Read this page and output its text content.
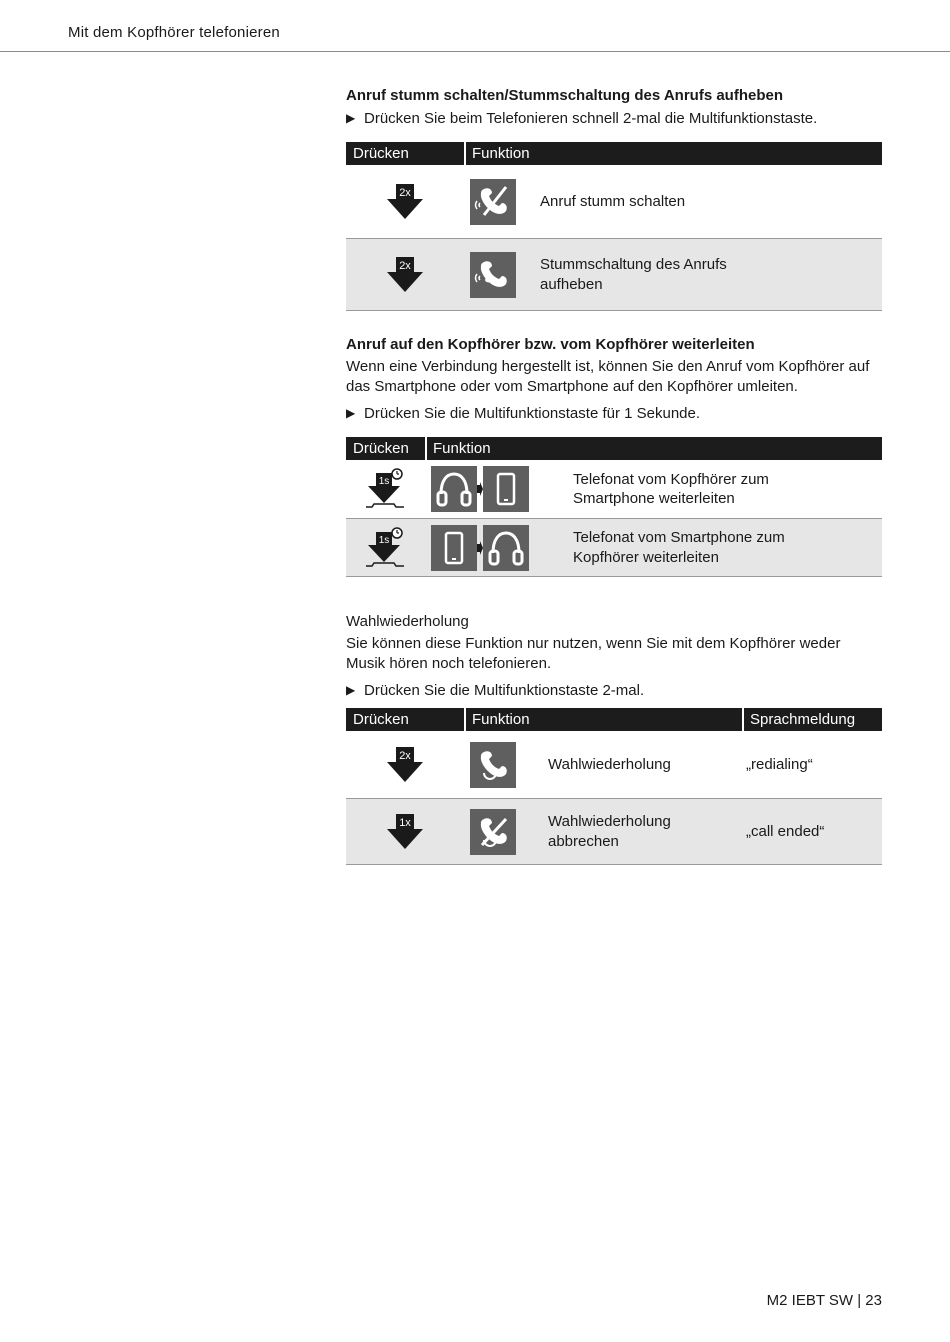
Mit dem Kopfhörer telefonieren

Anruf stumm schalten/Stummschaltung des Anrufs aufheben

▶ Drücken Sie beim Telefonieren schnell 2-mal die Multifunktionstaste.
Drücken	Funktion

2x	Anruf stumm schalten

2x	Stummschaltung des Anrufs aufheben

Anruf auf den Kopfhörer bzw. vom Kopfhörer weiterleiten

Wenn eine Verbindung hergestellt ist, können Sie den Anruf vom Kopfhörer auf das Smartphone oder vom Smartphone auf den Kopfhörer umleiten.

▶ Drücken Sie die Multifunktionstaste für 1 Sekunde.
Drücken	Funktion

1s	Telefonat vom Kopfhörer zum Smartphone weiterleiten

1s	Telefonat vom Smartphone zum Kopfhörer weiterleiten

Wahlwiederholung

Sie können diese Funktion nur nutzen, wenn Sie mit dem Kopfhörer weder Musik hören noch telefonieren.

▶ Drücken Sie die Multifunktionstaste 2-mal.
Drücken	Funktion	Sprachmeldung

2x	Wahlwiederholung	„redialing“

1x	Wahlwiederholung abbrechen	„call ended“
M2 IEBT SW | 23
